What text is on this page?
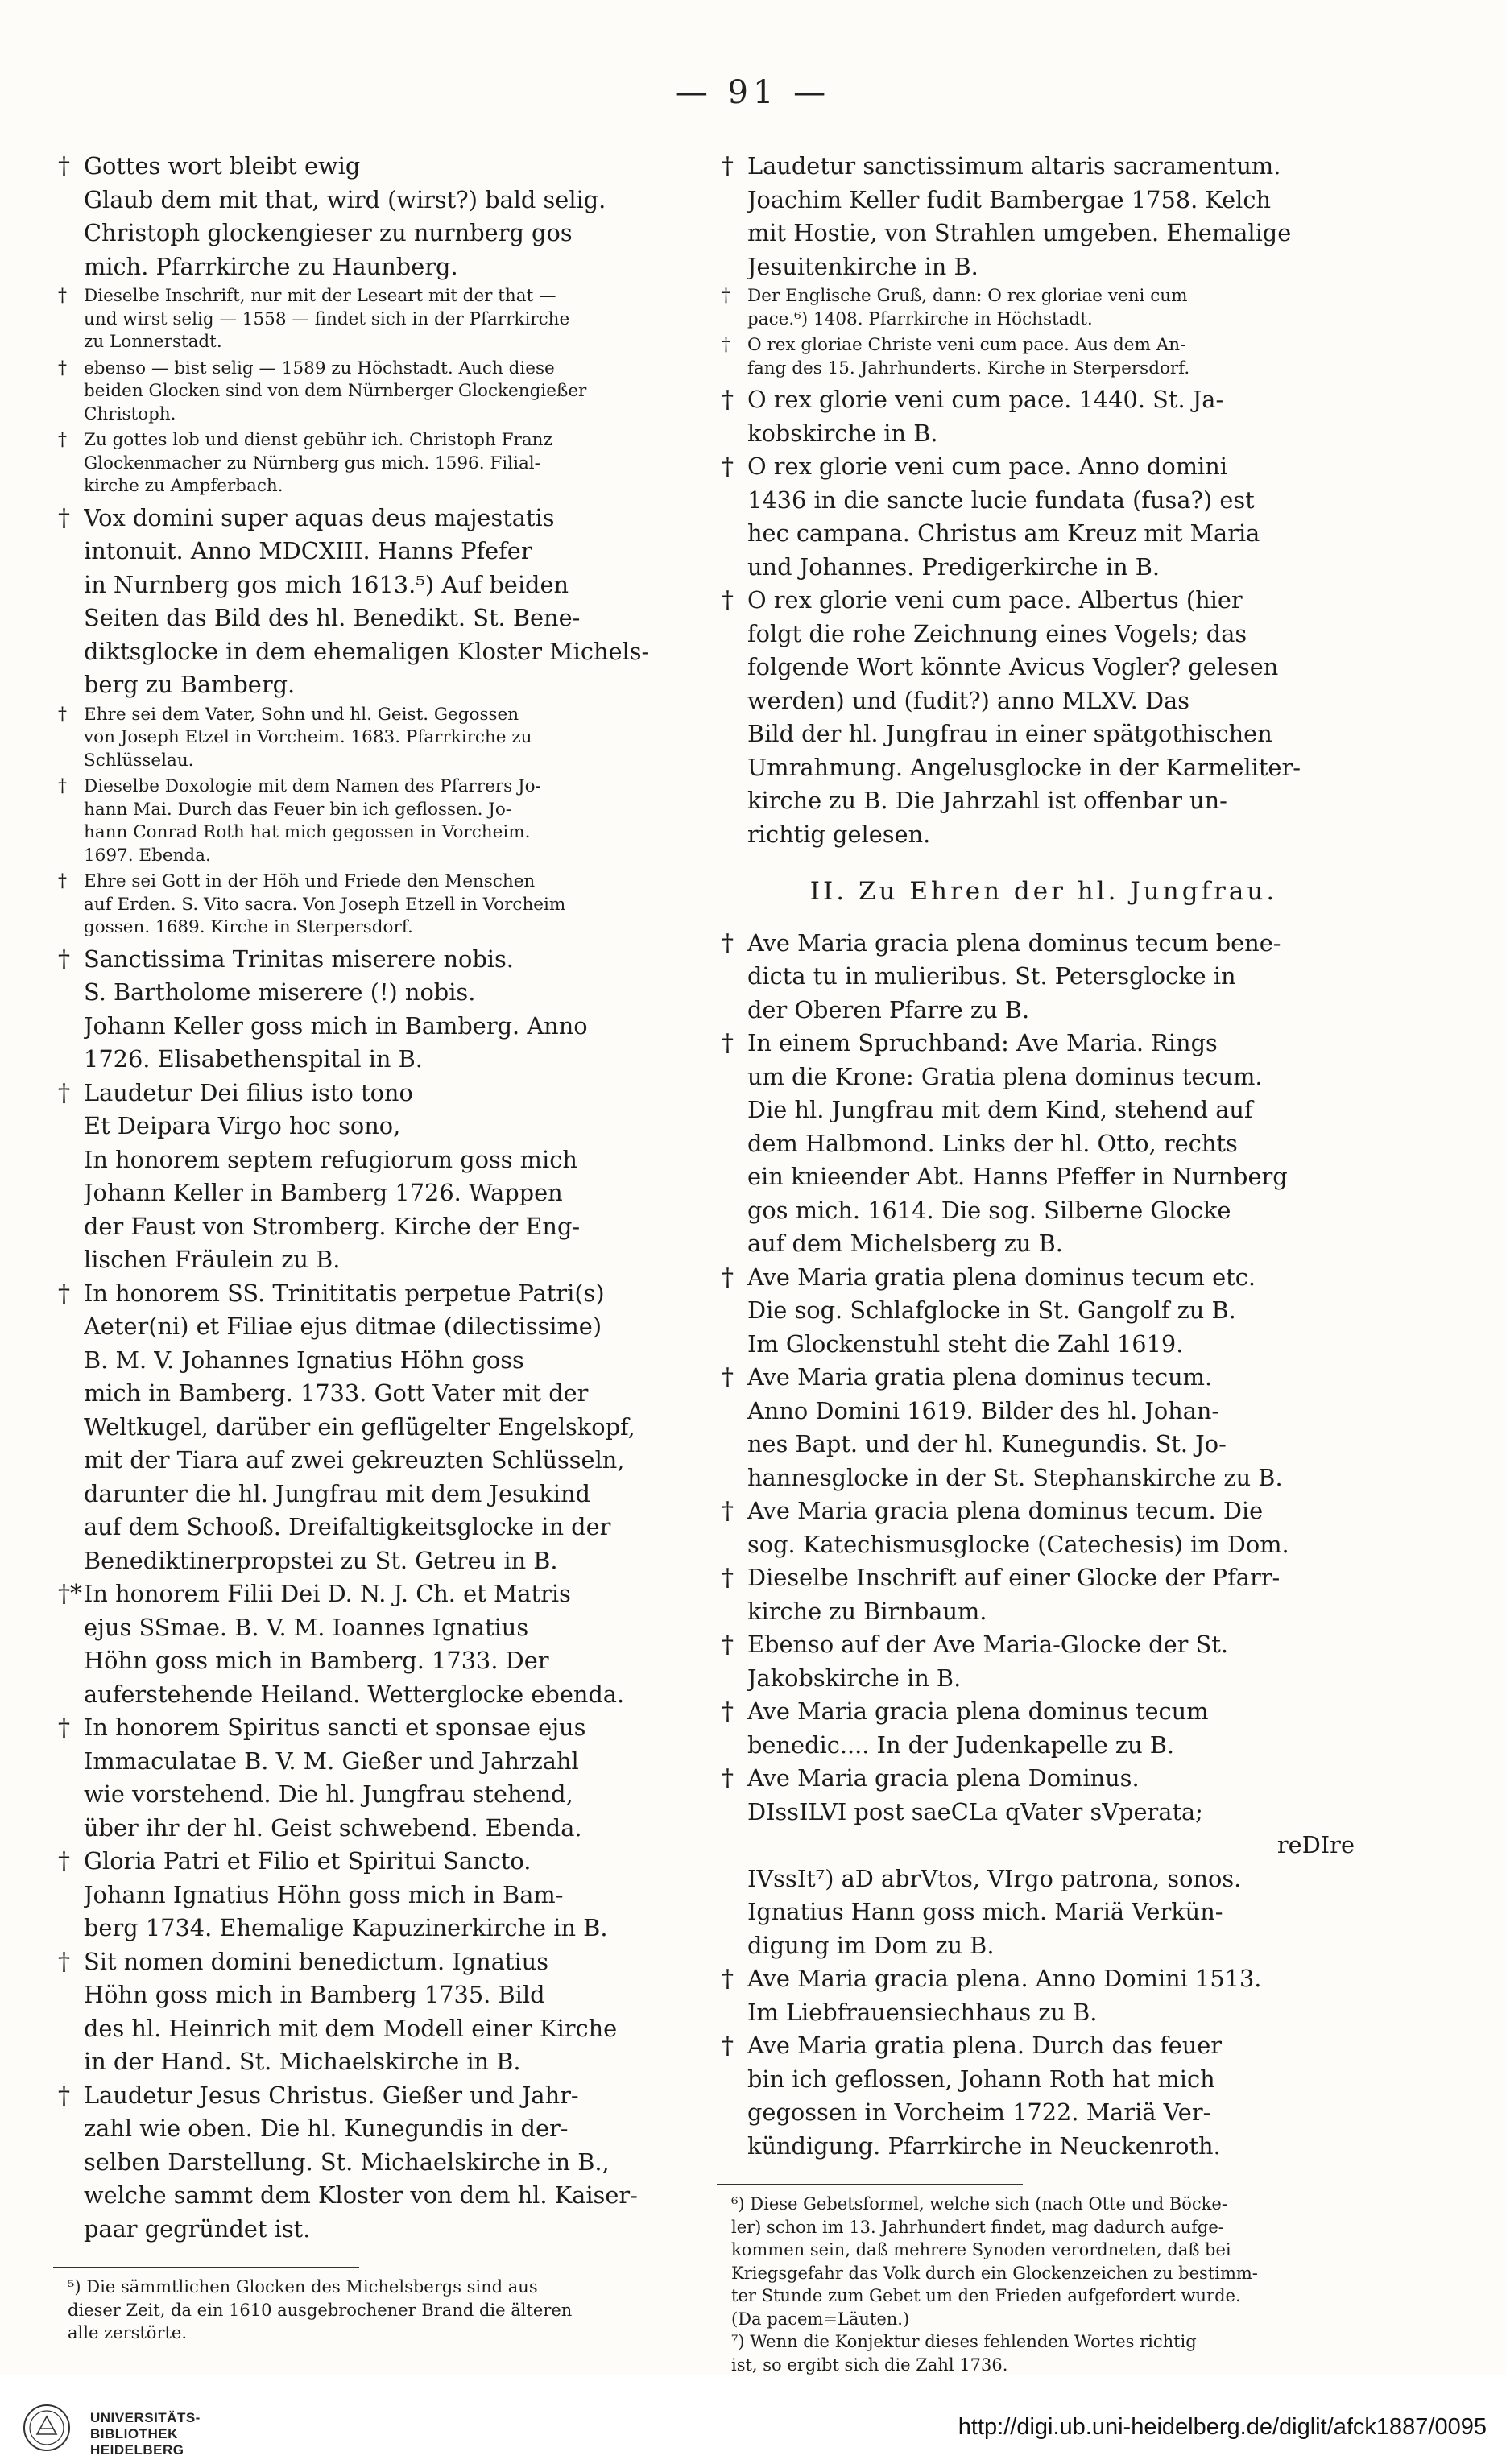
— 91 —
† Gottes wort bleibt ewig
Glaub dem mit that, wird (wirst?) bald selig.
Christoph glockengieser zu nurnberg gos
mich. Pfarrkirche zu Haunberg.
† Dieselbe Inschrift, nur mit der Leseart mit der that —
und wirst selig — 1558 — findet sich in der Pfarrkirche
zu Lonnerstadt.
† ebenso — bist selig — 1589 zu Höchstadt. Auch diese
beiden Glocken sind von dem Nürnberger Glockengießer
Christoph.
† Zu gottes lob und dienst gebühr ich. Christoph Franz
Glockenmacher zu Nürnberg gus mich. 1596. Filial-
kirche zu Ampferbach.
† Vox domini super aquas deus majestatis
intonuit. Anno MDCXIII. Hanns Pfefer
in Nurnberg gos mich 1613.⁵) Auf beiden
Seiten das Bild des hl. Benedikt. St. Bene-
diktsglocke in dem ehemaligen Kloster Michels-
berg zu Bamberg.
† Ehre sei dem Vater, Sohn und hl. Geist. Gegossen
von Joseph Etzel in Vorcheim. 1683. Pfarrkirche zu
Schlüsselau.
† Dieselbe Doxologie mit dem Namen des Pfarrers Jo-
hann Mai. Durch das Feuer bin ich geflossen. Jo-
hann Conrad Roth hat mich gegossen in Vorcheim.
1697. Ebenda.
† Ehre sei Gott in der Höh und Friede den Menschen
auf Erden. S. Vito sacra. Von Joseph Etzell in Vorcheim
gossen. 1689. Kirche in Sterpersdorf.
† Sanctissima Trinitas miserere nobis.
S. Bartholome miserere (!) nobis.
Johann Keller goss mich in Bamberg. Anno
1726. Elisabethenspital in B.
† Laudetur Dei filius isto tono
Et Deipara Virgo hoc sono,
In honorem septem refugiorum goss mich
Johann Keller in Bamberg 1726. Wappen
der Faust von Stromberg. Kirche der Eng-
lischen Fräulein zu B.
† In honorem SS. Trinititatis perpetue Patri(s)
Aeter(ni) et Filiae ejus ditmae (dilectissime)
B. M. V. Johannes Ignatius Höhn goss
mich in Bamberg. 1733. Gott Vater mit der
Weltkugel, darüber ein geflügelter Engelskopf,
mit der Tiara auf zwei gekreuzten Schlüsseln,
darunter die hl. Jungfrau mit dem Jesukind
auf dem Schooß. Dreifaltigkeitsglocke in der
Benediktinerpropstei zu St. Getreu in B.
†* In honorem Filii Dei D. N. J. Ch. et Matris
ejus SSmae. B. V. M. Ioannes Ignatius
Höhn goss mich in Bamberg. 1733. Der
auferstehende Heiland. Wetterglocke ebenda.
† In honorem Spiritus sancti et sponsae ejus
Immaculatae B. V. M. Gießer und Jahrzahl
wie vorstehend. Die hl. Jungfrau stehend,
über ihr der hl. Geist schwebend. Ebenda.
† Gloria Patri et Filio et Spiritui Sancto.
Johann Ignatius Höhn goss mich in Bam-
berg 1734. Ehemalige Kapuzinerkirche in B.
† Sit nomen domini benedictum. Ignatius
Höhn goss mich in Bamberg 1735. Bild
des hl. Heinrich mit dem Modell einer Kirche
in der Hand. St. Michaelskirche in B.
† Laudetur Jesus Christus. Gießer und Jahr-
zahl wie oben. Die hl. Kunegundis in der-
selben Darstellung. St. Michaelskirche in B.,
welche sammt dem Kloster von dem hl. Kaiser-
paar gegründet ist.
⁵) Die sämmtlichen Glocken des Michelsbergs sind aus
dieser Zeit, da ein 1610 ausgebrochener Brand die älteren
alle zerstörte.
† Laudetur sanctissimum altaris sacramentum.
Joachim Keller fudit Bambergae 1758. Kelch
mit Hostie, von Strahlen umgeben. Ehemalige
Jesuitenkirche in B.
† Der Englische Gruß, dann: O rex gloriae veni cum
pace.⁶) 1408. Pfarrkirche in Höchstadt.
† O rex gloriae Christe veni cum pace. Aus dem An-
fang des 15. Jahrhunderts. Kirche in Sterpersdorf.
† O rex glorie veni cum pace. 1440. St. Ja-
kobskirche in B.
† O rex glorie veni cum pace. Anno domini
1436 in die sancte lucie fundata (fusa?) est
hec campana. Christus am Kreuz mit Maria
und Johannes. Predigerkirche in B.
† O rex glorie veni cum pace. Albertus (hier
folgt die rohe Zeichnung eines Vogels; das
folgende Wort könnte Avicus Vogler? gelesen
werden) und (fudit?) anno MLXV. Das
Bild der hl. Jungfrau in einer spätgothischen
Umrahmung. Angelusglocke in der Karmeliter-
kirche zu B. Die Jahrzahl ist offenbar un-
richtig gelesen.
II. Zu Ehren der hl. Jungfrau.
† Ave Maria gracia plena dominus tecum bene-
dicta tu in mulieribus. St. Petersglocke in
der Oberen Pfarre zu B.
† In einem Spruchband: Ave Maria. Rings
um die Krone: Gratia plena dominus tecum.
Die hl. Jungfrau mit dem Kind, stehend auf
dem Halbmond. Links der hl. Otto, rechts
ein knieender Abt. Hanns Pfeffer in Nurnberg
gos mich. 1614. Die sog. Silberne Glocke
auf dem Michelsberg zu B.
† Ave Maria gratia plena dominus tecum etc.
Die sog. Schlafglocke in St. Gangolf zu B.
Im Glockenstuhl steht die Zahl 1619.
† Ave Maria gratia plena dominus tecum.
Anno Domini 1619. Bilder des hl. Johan-
nes Bapt. und der hl. Kunegundis. St. Jo-
hannesglocke in der St. Stephanskirche zu B.
† Ave Maria gracia plena dominus tecum. Die
sog. Katechismusglocke (Catechesis) im Dom.
† Dieselbe Inschrift auf einer Glocke der Pfarr-
kirche zu Birnbaum.
† Ebenso auf der Ave Maria-Glocke der St.
Jakobskirche in B.
† Ave Maria gracia plena dominus tecum
benedic.... In der Judenkapelle zu B.
† Ave Maria gracia plena Dominus.
DIssILVI post saeCLa qVater sVperata;
reDIre
IVssIt⁷) aD abrVtos, VIrgo patrona, sonos.
Ignatius Hann goss mich. Mariä Verkün-
digung im Dom zu B.
† Ave Maria gracia plena. Anno Domini 1513.
Im Liebfrauensiechhaus zu B.
† Ave Maria gratia plena. Durch das feuer
bin ich geflossen, Johann Roth hat mich
gegossen in Vorcheim 1722. Mariä Ver-
kündigung. Pfarrkirche in Neuckenroth.
⁶) Diese Gebetsformel, welche sich (nach Otte und Böcke-
ler) schon im 13. Jahrhundert findet, mag dadurch aufge-
kommen sein, daß mehrere Synoden verordneten, daß bei
Kriegsgefahr das Volk durch ein Glockenzeichen zu bestimm-
ter Stunde zum Gebet um den Frieden aufgefordert wurde.
(Da pacem=Läuten.)
⁷) Wenn die Konjektur dieses fehlenden Wortes richtig
ist, so ergibt sich die Zahl 1736.
UNIVERSITÄTS-
BIBLIOTHEK
HEIDELBERG
http://digi.ub.uni-heidelberg.de/diglit/afck1887/0095
